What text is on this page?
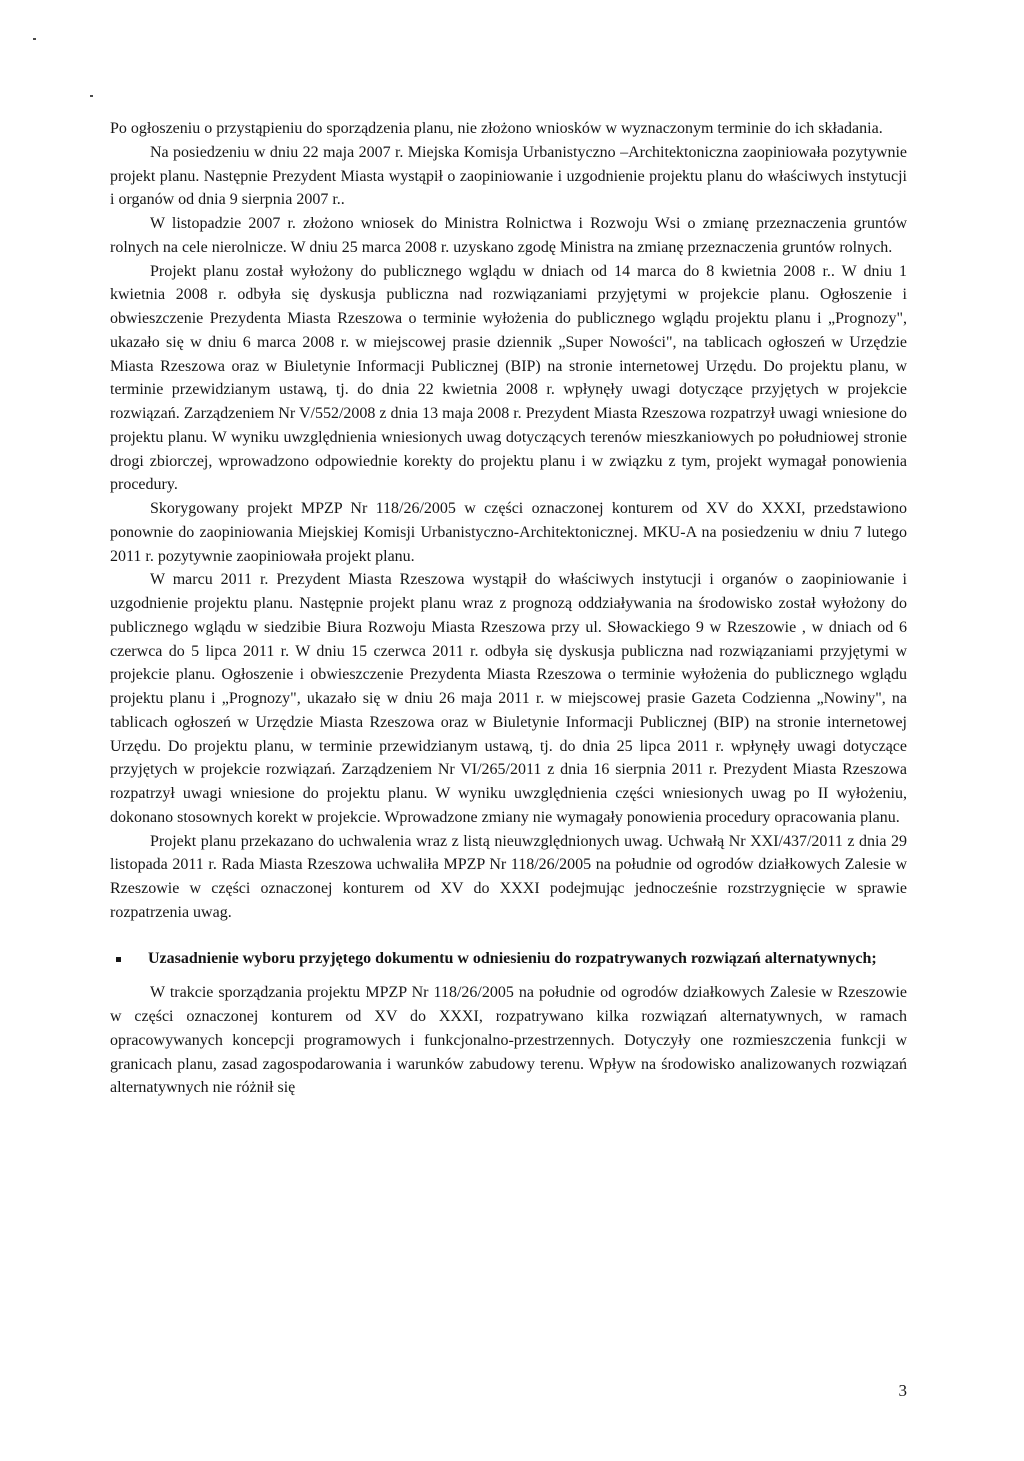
Po ogłoszeniu o przystąpieniu do sporządzenia planu, nie złożono wniosków w wyznaczonym terminie do ich składania.

Na posiedzeniu w dniu 22 maja 2007 r. Miejska Komisja Urbanistyczno –Architektoniczna zaopiniowała pozytywnie projekt planu. Następnie Prezydent Miasta wystąpił o zaopiniowanie i uzgodnienie projektu planu do właściwych instytucji i organów od dnia 9 sierpnia 2007 r..

W listopadzie 2007 r. złożono wniosek do Ministra Rolnictwa i Rozwoju Wsi o zmianę przeznaczenia gruntów rolnych na cele nierolnicze. W dniu 25 marca 2008 r. uzyskano zgodę Ministra na zmianę przeznaczenia gruntów rolnych.

Projekt planu został wyłożony do publicznego wglądu w dniach od 14 marca do 8 kwietnia 2008 r.. W dniu 1 kwietnia 2008 r. odbyła się dyskusja publiczna nad rozwiązaniami przyjętymi w projekcie planu. Ogłoszenie i obwieszczenie Prezydenta Miasta Rzeszowa o terminie wyłożenia do publicznego wglądu projektu planu i „Prognozy", ukazało się w dniu 6 marca 2008 r. w miejscowej prasie dziennik „Super Nowości", na tablicach ogłoszeń w Urzędzie Miasta Rzeszowa oraz w Biuletynie Informacji Publicznej (BIP) na stronie internetowej Urzędu. Do projektu planu, w terminie przewidzianym ustawą, tj. do dnia 22 kwietnia 2008 r. wpłynęły uwagi dotyczące przyjętych w projekcie rozwiązań. Zarządzeniem Nr V/552/2008 z dnia 13 maja 2008 r. Prezydent Miasta Rzeszowa rozpatrzył uwagi wniesione do projektu planu. W wyniku uwzględnienia wniesionych uwag dotyczących terenów mieszkaniowych po południowej stronie drogi zbiorczej, wprowadzono odpowiednie korekty do projektu planu i w związku z tym, projekt wymagał ponowienia procedury.

Skorygowany projekt MPZP Nr 118/26/2005 w części oznaczonej konturem od XV do XXXI, przedstawiono ponownie do zaopiniowania Miejskiej Komisji Urbanistyczno-Architektonicznej. MKU-A na posiedzeniu w dniu 7 lutego 2011 r. pozytywnie zaopiniowała projekt planu.

W marcu 2011 r. Prezydent Miasta Rzeszowa wystąpił do właściwych instytucji i organów o zaopiniowanie i uzgodnienie projektu planu. Następnie projekt planu wraz z prognozą oddziaływania na środowisko został wyłożony do publicznego wglądu w siedzibie Biura Rozwoju Miasta Rzeszowa przy ul. Słowackiego 9 w Rzeszowie , w dniach od 6 czerwca do 5 lipca 2011 r. W dniu 15 czerwca 2011 r. odbyła się dyskusja publiczna nad rozwiązaniami przyjętymi w projekcie planu. Ogłoszenie i obwieszczenie Prezydenta Miasta Rzeszowa o terminie wyłożenia do publicznego wglądu projektu planu i „Prognozy", ukazało się w dniu 26 maja 2011 r. w miejscowej prasie Gazeta Codzienna „Nowiny", na tablicach ogłoszeń w Urzędzie Miasta Rzeszowa oraz w Biuletynie Informacji Publicznej (BIP) na stronie internetowej Urzędu. Do projektu planu, w terminie przewidzianym ustawą, tj. do dnia 25 lipca 2011 r. wpłynęły uwagi dotyczące przyjętych w projekcie rozwiązań. Zarządzeniem Nr VI/265/2011 z dnia 16 sierpnia 2011 r. Prezydent Miasta Rzeszowa rozpatrzył uwagi wniesione do projektu planu. W wyniku uwzględnienia części wniesionych uwag po II wyłożeniu, dokonano stosownych korekt w projekcie. Wprowadzone zmiany nie wymagały ponowienia procedury opracowania planu.

Projekt planu przekazano do uchwalenia wraz z listą nieuwzględnionych uwag. Uchwałą Nr XXI/437/2011 z dnia 29 listopada 2011 r. Rada Miasta Rzeszowa uchwaliła MPZP Nr 118/26/2005 na południe od ogrodów działkowych Zalesie w Rzeszowie w części oznaczonej konturem od XV do XXXI podejmując jednocześnie rozstrzygnięcie w sprawie rozpatrzenia uwag.

Uzasadnienie wyboru przyjętego dokumentu w odniesieniu do rozpatrywanych rozwiązań alternatywnych;

W trakcie sporządzania projektu MPZP Nr 118/26/2005 na południe od ogrodów działkowych Zalesie w Rzeszowie w części oznaczonej konturem od XV do XXXI, rozpatrywano kilka rozwiązań alternatywnych, w ramach opracowywanych koncepcji programowych i funkcjonalno-przestrzennych. Dotyczyły one rozmieszczenia funkcji w granicach planu, zasad zagospodarowania i warunków zabudowy terenu. Wpływ na środowisko analizowanych rozwiązań alternatywnych nie różnił się

3
